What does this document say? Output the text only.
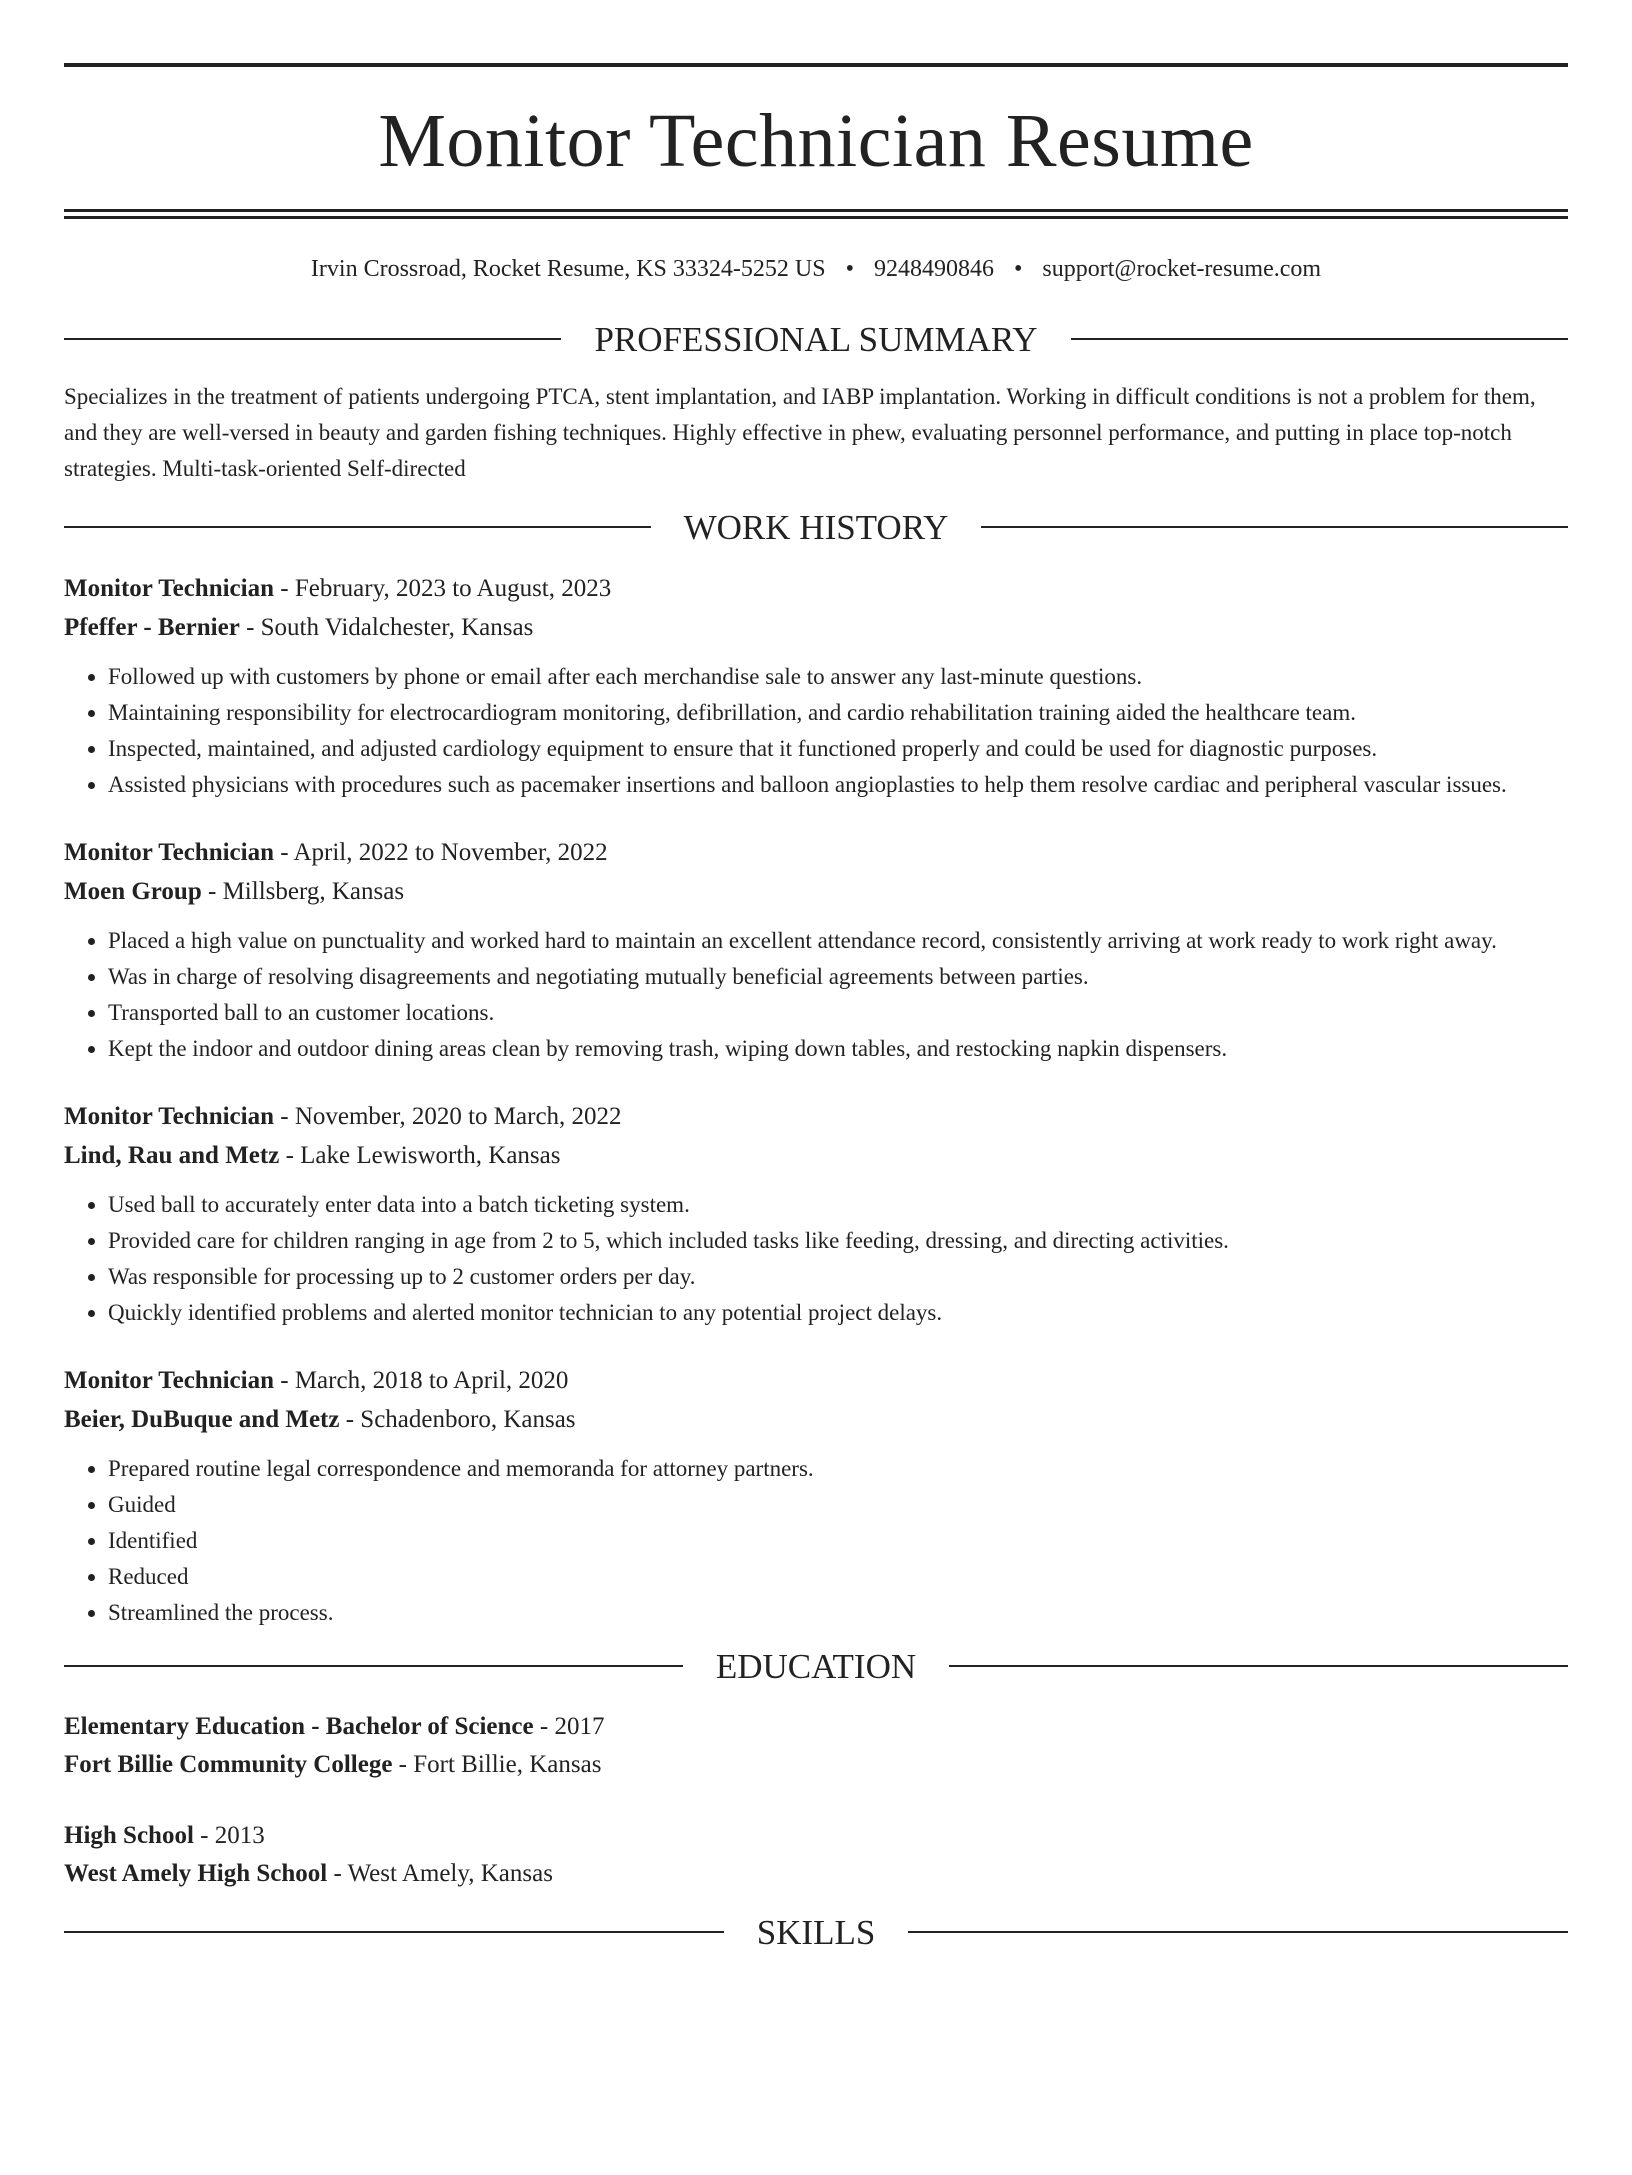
Monitor Technician Resume
Irvin Crossroad, Rocket Resume, KS 33324-5252 US • 9248490846 • support@rocket-resume.com
PROFESSIONAL SUMMARY

Specializes in the treatment of patients undergoing PTCA, stent implantation, and IABP implantation. Working in difficult conditions is not a problem for them, and they are well-versed in beauty and garden fishing techniques. Highly effective in phew, evaluating personnel performance, and putting in place top-notch strategies. Multi-task-oriented Self-directed

WORK HISTORY
Monitor Technician - February, 2023 to August, 2023
Pfeffer - Bernier - South Vidalchester, Kansas
• Followed up with customers by phone or email after each merchandise sale to answer any last-minute questions.
• Maintaining responsibility for electrocardiogram monitoring, defibrillation, and cardio rehabilitation training aided the healthcare team.
• Inspected, maintained, and adjusted cardiology equipment to ensure that it functioned properly and could be used for diagnostic purposes.
• Assisted physicians with procedures such as pacemaker insertions and balloon angioplasties to help them resolve cardiac and peripheral vascular issues.
Monitor Technician - April, 2022 to November, 2022
Moen Group - Millsberg, Kansas
• Placed a high value on punctuality and worked hard to maintain an excellent attendance record, consistently arriving at work ready to work right away.
• Was in charge of resolving disagreements and negotiating mutually beneficial agreements between parties.
• Transported ball to an customer locations.
• Kept the indoor and outdoor dining areas clean by removing trash, wiping down tables, and restocking napkin dispensers.
Monitor Technician - November, 2020 to March, 2022
Lind, Rau and Metz - Lake Lewisworth, Kansas
• Used ball to accurately enter data into a batch ticketing system.
• Provided care for children ranging in age from 2 to 5, which included tasks like feeding, dressing, and directing activities.
• Was responsible for processing up to 2 customer orders per day.
• Quickly identified problems and alerted monitor technician to any potential project delays.
Monitor Technician - March, 2018 to April, 2020
Beier, DuBuque and Metz - Schadenboro, Kansas
• Prepared routine legal correspondence and memoranda for attorney partners.
• Guided
• Identified
• Reduced
• Streamlined the process.
EDUCATION
Elementary Education - Bachelor of Science - 2017
Fort Billie Community College - Fort Billie, Kansas
High School - 2013
West Amely High School - West Amely, Kansas
SKILLS
